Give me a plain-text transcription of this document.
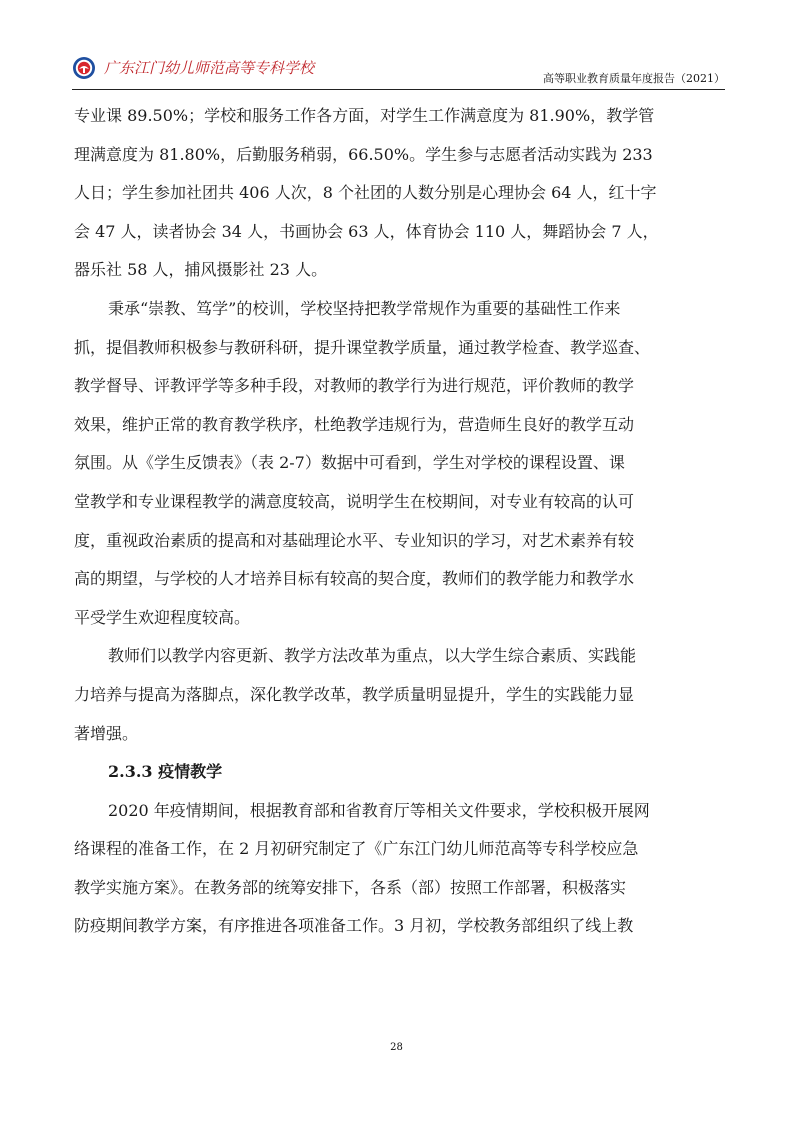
广东江门幼儿师范高等专科学校
高等职业教育质量年度报告（2021）

专业课 89.50%；学校和服务工作各方面，对学生工作满意度为 81.90%，教学管
理满意度为 81.80%，后勤服务稍弱，66.50%。学生参与志愿者活动实践为 233
人日；学生参加社团共 406 人次，8 个社团的人数分别是心理协会 64 人，红十字
会 47 人，读者协会 34 人，书画协会 63 人，体育协会 110 人，舞蹈协会 7 人，
器乐社 58 人，捕风摄影社 23 人。

秉承“崇教、笃学”的校训，学校坚持把教学常规作为重要的基础性工作来
抓，提倡教师积极参与教研科研，提升课堂教学质量，通过教学检查、教学巡查、
教学督导、评教评学等多种手段，对教师的教学行为进行规范，评价教师的教学
效果，维护正常的教育教学秩序，杜绝教学违规行为，营造师生良好的教学互动
氛围。从《学生反馈表》（表 2-7）数据中可看到，学生对学校的课程设置、课
堂教学和专业课程教学的满意度较高，说明学生在校期间，对专业有较高的认可
度，重视政治素质的提高和对基础理论水平、专业知识的学习，对艺术素养有较
高的期望，与学校的人才培养目标有较高的契合度，教师们的教学能力和教学水
平受学生欢迎程度较高。

教师们以教学内容更新、教学方法改革为重点，以大学生综合素质、实践能
力培养与提高为落脚点，深化教学改革，教学质量明显提升，学生的实践能力显
著增强。

2.3.3 疫情教学

2020 年疫情期间，根据教育部和省教育厅等相关文件要求，学校积极开展网
络课程的准备工作，在 2 月初研究制定了《广东江门幼儿师范高等专科学校应急
教学实施方案》。在教务部的统筹安排下，各系（部）按照工作部署，积极落实
防疫期间教学方案，有序推进各项准备工作。3 月初，学校教务部组织了线上教

28
